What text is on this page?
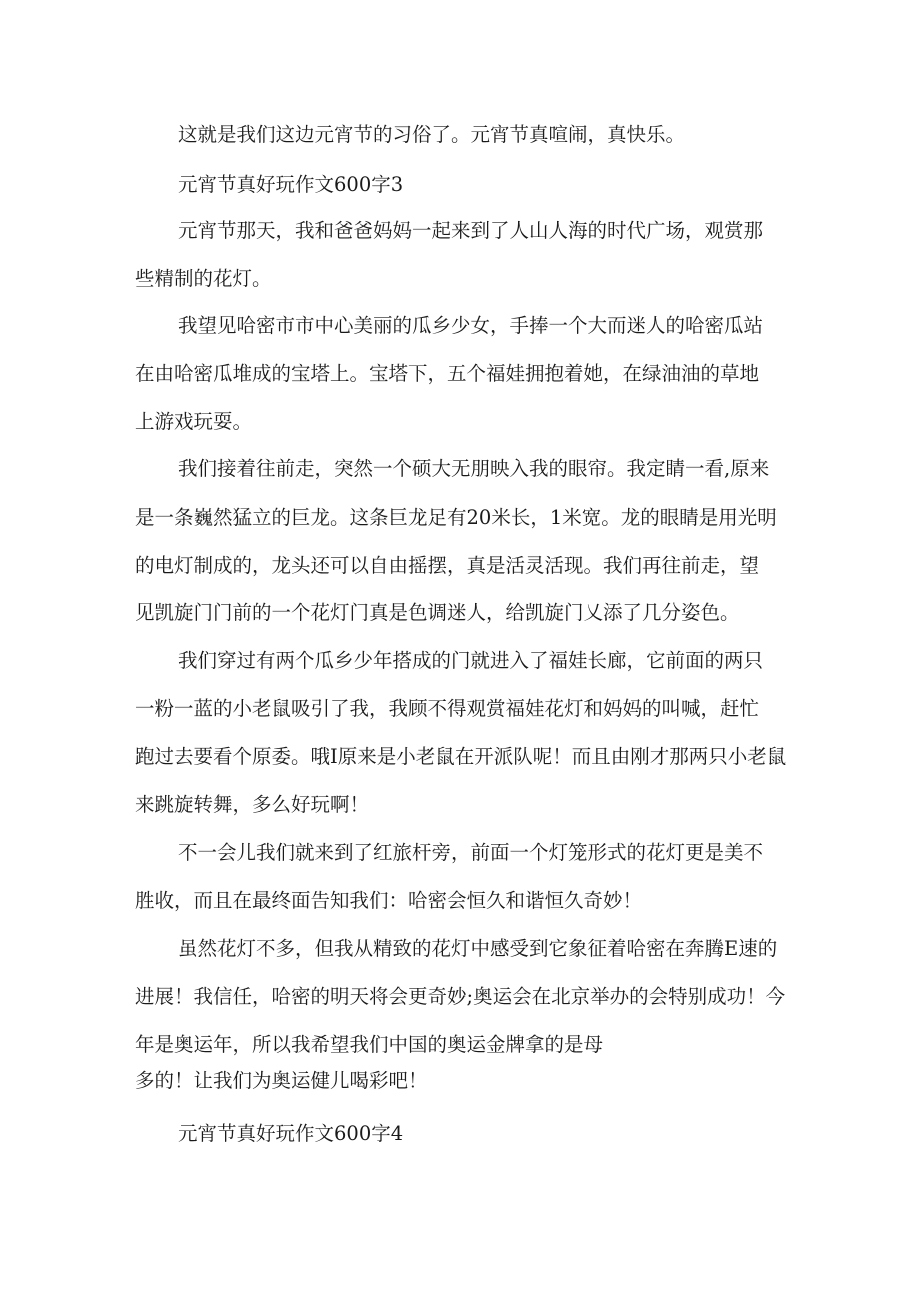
这就是我们这边元宵节的习俗了。元宵节真喧闹，真快乐。
元宵节真好玩作文600字3
元宵节那天，我和爸爸妈妈一起来到了人山人海的时代广场，观赏那
些精制的花灯。
我望见哈密市市中心美丽的瓜乡少女，手捧一个大而迷人的哈密瓜站
在由哈密瓜堆成的宝塔上。宝塔下，五个福娃拥抱着她，在绿油油的草地
上游戏玩耍。
我们接着往前走，突然一个硕大无朋映入我的眼帘。我定睛一看,原来
是一条巍然猛立的巨龙。这条巨龙足有20米长，1米宽。龙的眼睛是用光明
的电灯制成的，龙头还可以自由摇摆，真是活灵活现。我们再往前走，望
见凯旋门门前的一个花灯门真是色调迷人，给凯旋门乂添了几分姿色。
我们穿过有两个瓜乡少年搭成的门就进入了福娃长廊，它前面的两只
一粉一蓝的小老鼠吸引了我，我顾不得观赏福娃花灯和妈妈的叫喊，赶忙
跑过去要看个原委。哦I原来是小老鼠在开派队呢！而且由刚才那两只小老鼠
来跳旋转舞，多么好玩啊！
不一会儿我们就来到了红旅杆旁，前面一个灯笼形式的花灯更是美不
胜收，而且在最终面告知我们：哈密会恒久和谐恒久奇妙！
虽然花灯不多，但我从精致的花灯中感受到它象征着哈密在奔腾E速的
进展！我信任，哈密的明天将会更奇妙;奥运会在北京举办的会特别成功！今
年是奥运年，所以我希望我们中国的奥运金牌拿的是母
多的！让我们为奥运健儿喝彩吧！
元宵节真好玩作文600字4
